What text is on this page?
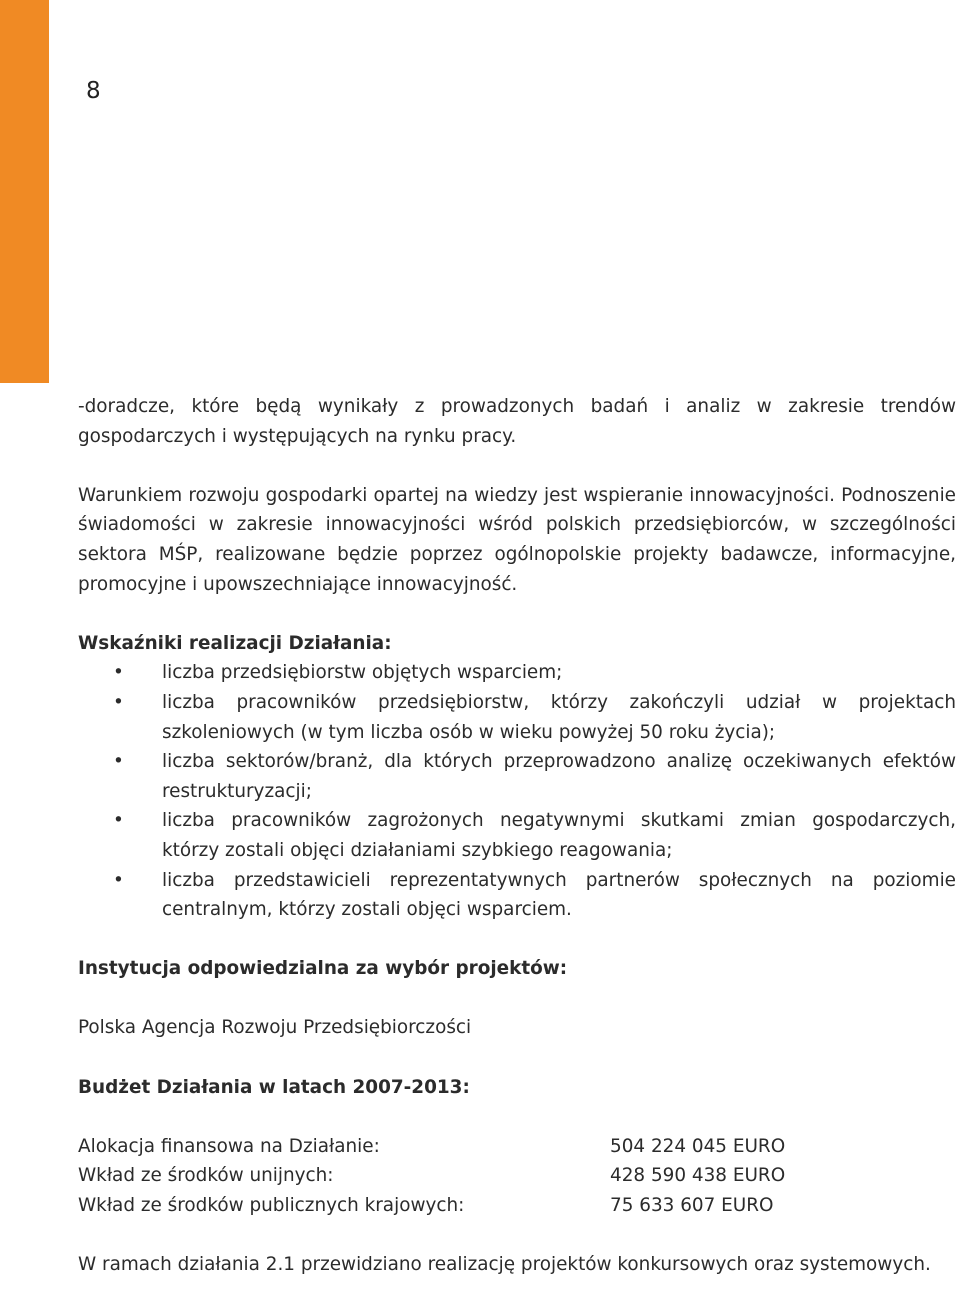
8

-doradcze, które będą wynikały z prowadzonych badań i analiz w zakresie trendów gospodarczych i występujących na rynku pracy.

Warunkiem rozwoju gospodarki opartej na wiedzy jest wspieranie innowacyjności. Podnoszenie świadomości w zakresie innowacyjności wśród polskich przedsiębiorców, w szczególności sektora MŚP, realizowane będzie poprzez ogólnopolskie projekty badawcze, informacyjne, promocyjne i upowszechniające innowacyjność.

Wskaźniki realizacji Działania:

• liczba przedsiębiorstw objętych wsparciem;
• liczba pracowników przedsiębiorstw, którzy zakończyli udział w projektach szkoleniowych (w tym liczba osób w wieku powyżej 50 roku życia);
• liczba sektorów/branż, dla których przeprowadzono analizę oczekiwanych efektów restrukturyzacji;
• liczba pracowników zagrożonych negatywnymi skutkami zmian gospodarczych, którzy zostali objęci działaniami szybkiego reagowania;
• liczba przedstawicieli reprezentatywnych partnerów społecznych na poziomie centralnym, którzy zostali objęci wsparciem.

Instytucja odpowiedzialna za wybór projektów:

Polska Agencja Rozwoju Przedsiębiorczości

Budżet Działania w latach 2007-2013:

Alokacja finansowa na Działanie:	504 224 045 EURO
Wkład ze środków unijnych:	428 590 438 EURO
Wkład ze środków publicznych krajowych:	75 633 607 EURO

W ramach działania 2.1 przewidziano realizację projektów konkursowych oraz systemowych.
